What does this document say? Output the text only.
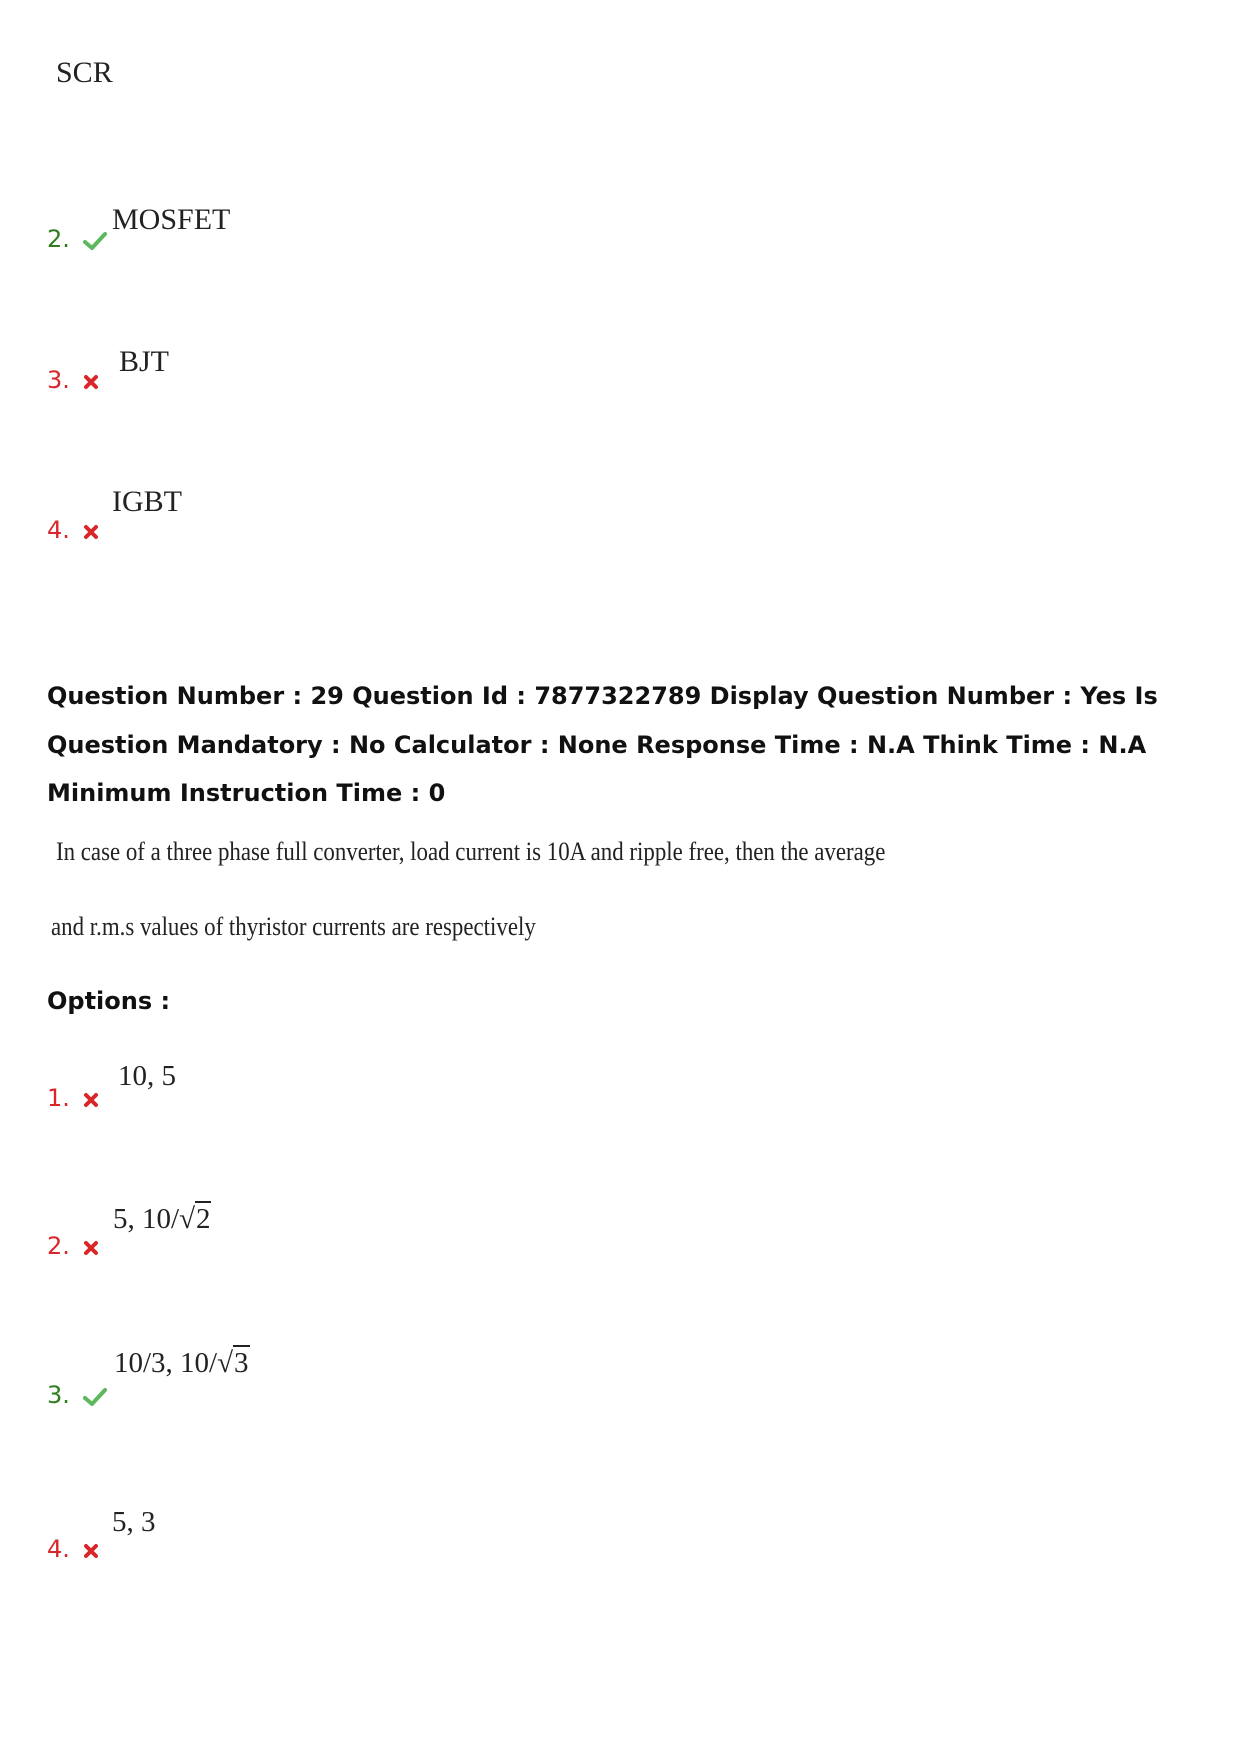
SCR
2.
MOSFET
3.
BJT
4.
IGBT
Question Number : 29 Question Id : 7877322789 Display Question Number : Yes Is Question Mandatory : No Calculator : None Response Time : N.A Think Time : N.A Minimum Instruction Time : 0
In case of a three phase full converter, load current is 10A and ripple free, then the average
and r.m.s values of thyristor currents are respectively
Options :
1.
10, 5
2.
5, 10/√2
3.
10/3, 10/√3
4.
5, 3
